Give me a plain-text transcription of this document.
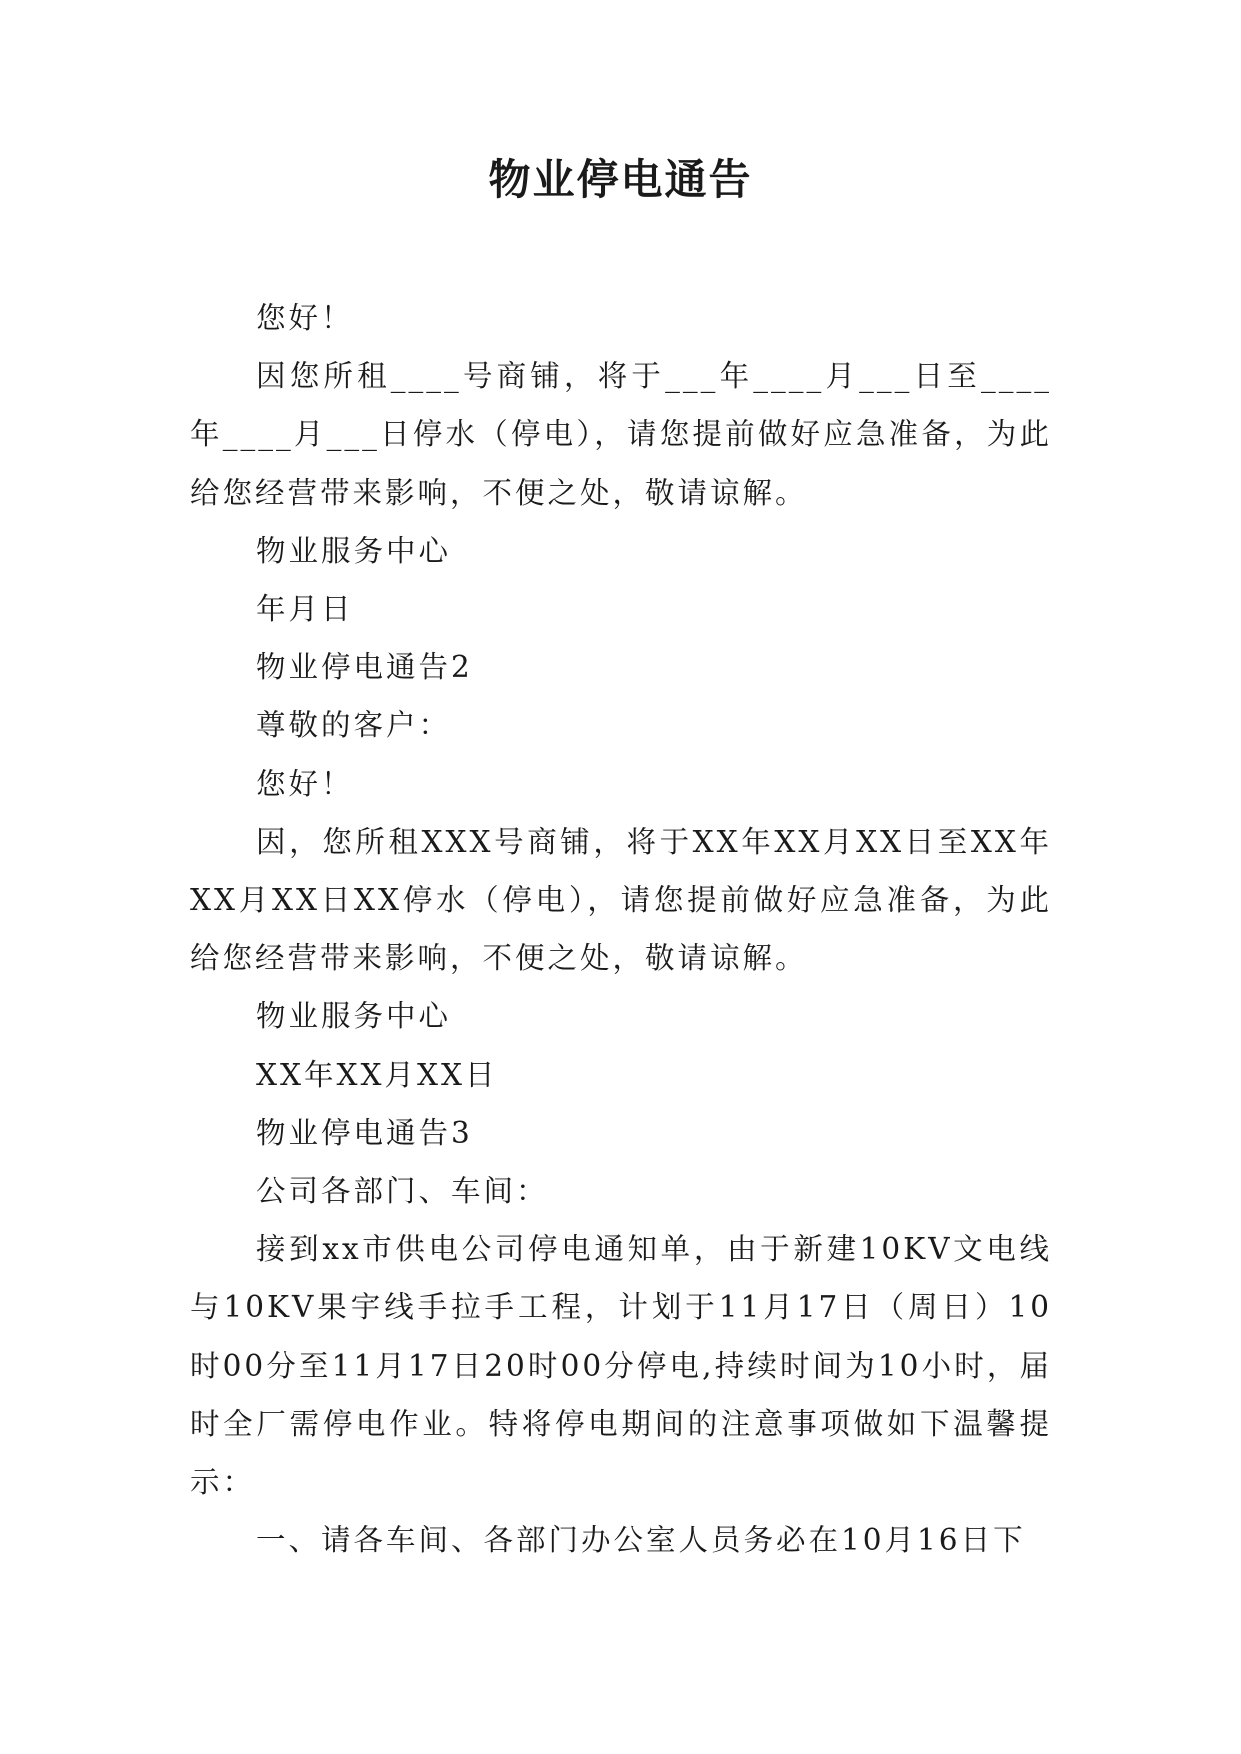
物业停电通告

您好！

因您所租____号商铺，将于___年____月___日至____年____月___日停水（停电），请您提前做好应急准备，为此给您经营带来影响，不便之处，敬请谅解。

物业服务中心

年月日

物业停电通告2

尊敬的客户：

您好！

因，您所租XXX号商铺，将于XX年XX月XX日至XX年XX月XX日XX停水（停电），请您提前做好应急准备，为此给您经营带来影响，不便之处，敬请谅解。

物业服务中心

XX年XX月XX日

物业停电通告3

公司各部门、车间：

接到xx市供电公司停电通知单，由于新建10KV文电线与10KV果宇线手拉手工程，计划于11月17日（周日）10时00分至11月17日20时00分停电,持续时间为10小时，届时全厂需停电作业。特将停电期间的注意事项做如下温馨提示：

一、请各车间、各部门办公室人员务必在10月16日下
